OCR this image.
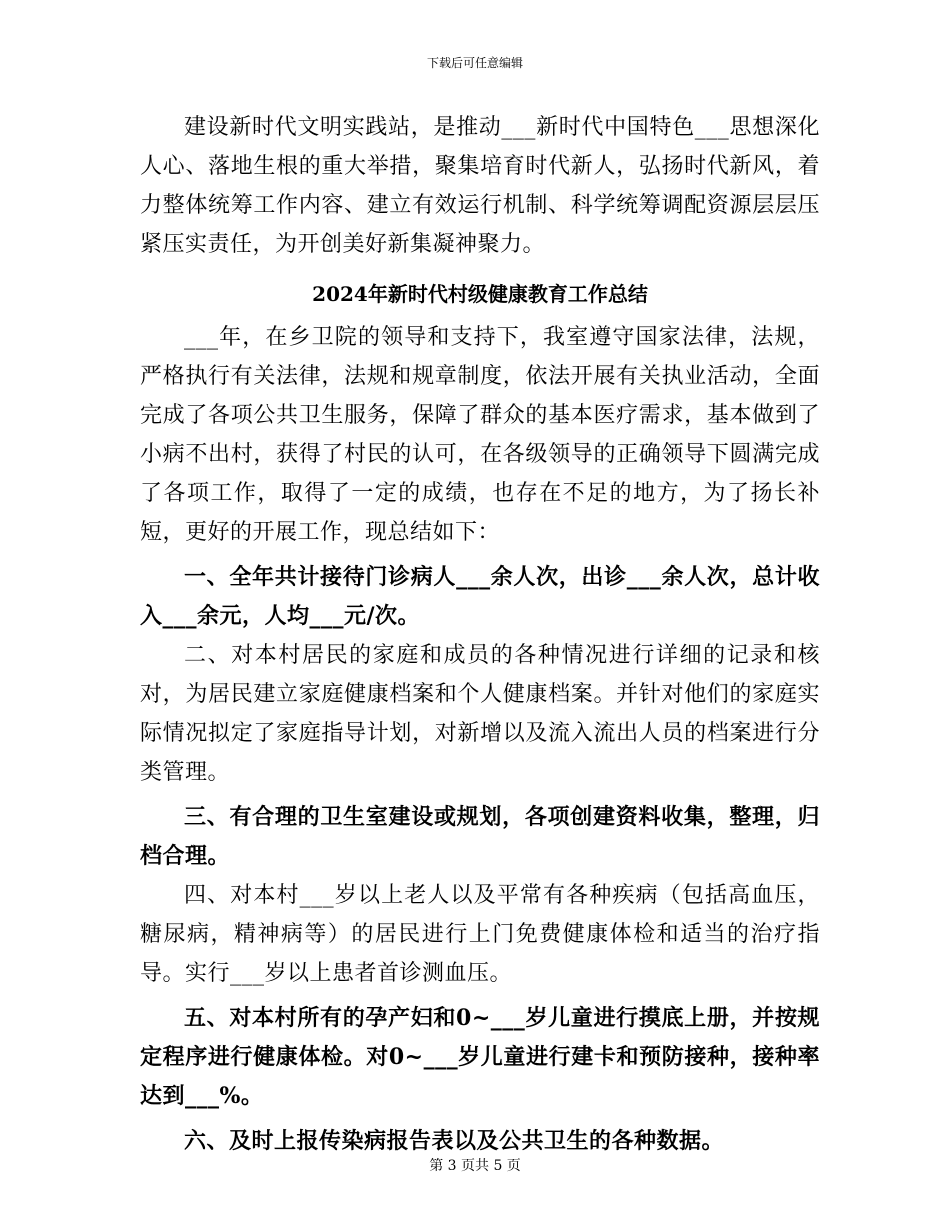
下载后可任意编辑

建设新时代文明实践站，是推动___新时代中国特色___思想深化人心、落地生根的重大举措，聚集培育时代新人，弘扬时代新风，着力整体统筹工作内容、建立有效运行机制、科学统筹调配资源层层压紧压实责任，为开创美好新集凝神聚力。

2024年新时代村级健康教育工作总结

___年，在乡卫院的领导和支持下，我室遵守国家法律，法规，严格执行有关法律，法规和规章制度，依法开展有关执业活动，全面完成了各项公共卫生服务，保障了群众的基本医疗需求，基本做到了小病不出村，获得了村民的认可，在各级领导的正确领导下圆满完成了各项工作，取得了一定的成绩，也存在不足的地方，为了扬长补短，更好的开展工作，现总结如下：

一、全年共计接待门诊病人___余人次，出诊___余人次，总计收入___余元，人均___元/次。

二、对本村居民的家庭和成员的各种情况进行详细的记录和核对，为居民建立家庭健康档案和个人健康档案。并针对他们的家庭实际情况拟定了家庭指导计划，对新增以及流入流出人员的档案进行分类管理。

三、有合理的卫生室建设或规划，各项创建资料收集，整理，归档合理。

四、对本村___岁以上老人以及平常有各种疾病（包括高血压，糖尿病，精神病等）的居民进行上门免费健康体检和适当的治疗指导。实行___岁以上患者首诊测血压。

五、对本村所有的孕产妇和0~___岁儿童进行摸底上册，并按规定程序进行健康体检。对0~___岁儿童进行建卡和预防接种，接种率达到___%。

六、及时上报传染病报告表以及公共卫生的各种数据。

第 3 页共 5 页
